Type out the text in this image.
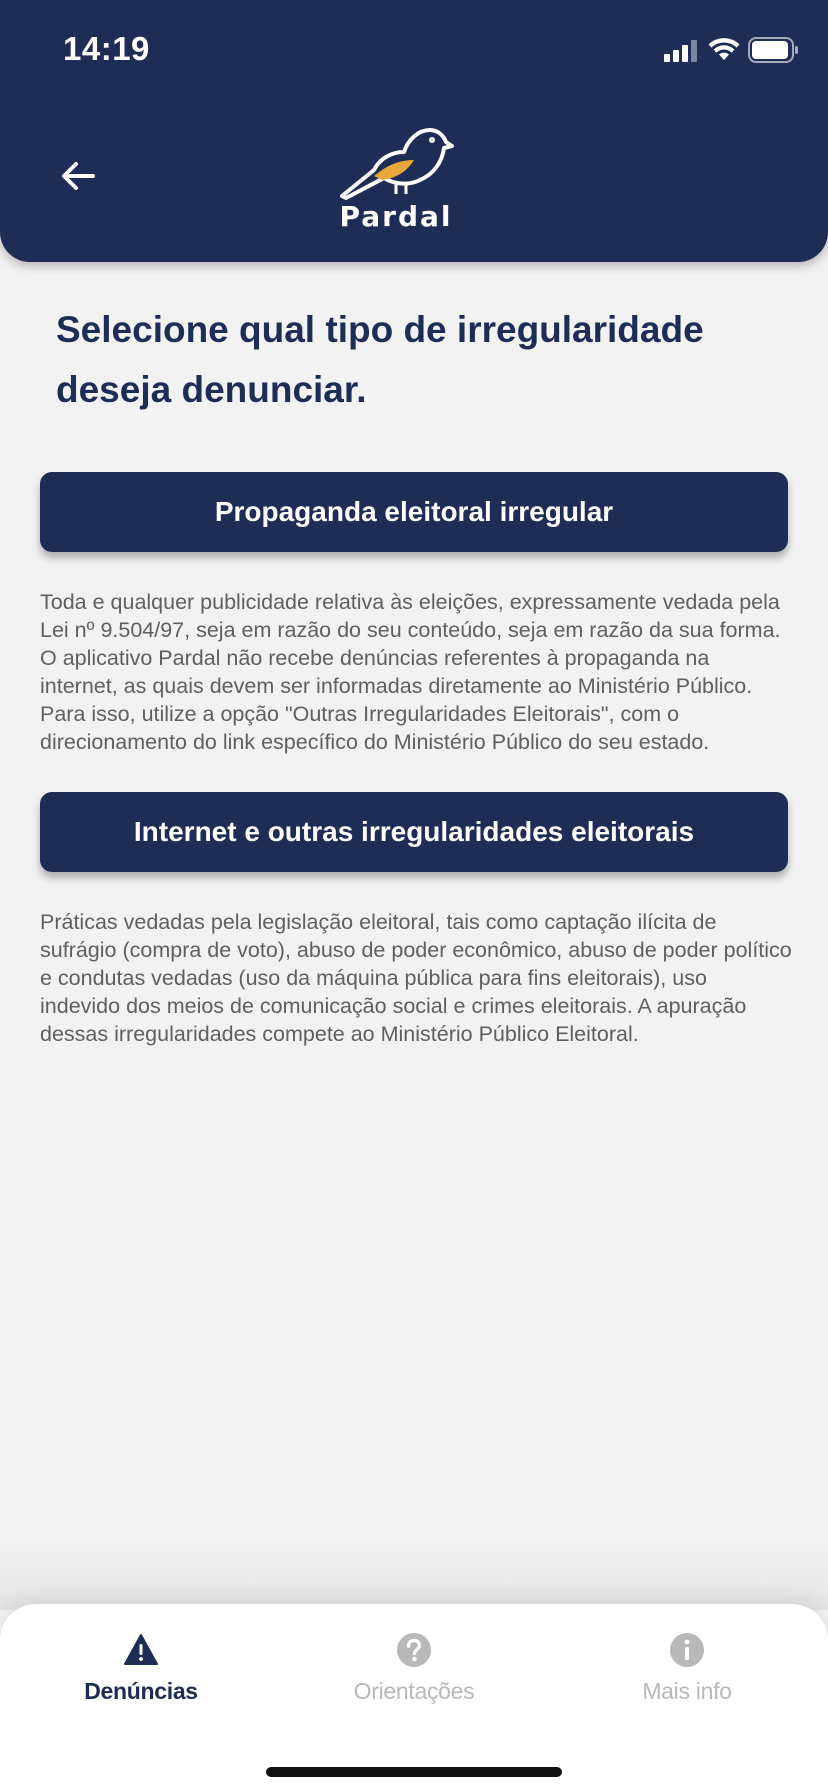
14:19
Pardal
Selecione qual tipo de irregularidade deseja denunciar.
Propaganda eleitoral irregular
Toda e qualquer publicidade relativa às eleições, expressamente vedada pela Lei nº 9.504/97, seja em razão do seu conteúdo, seja em razão da sua forma. O aplicativo Pardal não recebe denúncias referentes à propaganda na internet, as quais devem ser informadas diretamente ao Ministério Público. Para isso, utilize a opção "Outras Irregularidades Eleitorais", com o direcionamento do link específico do Ministério Público do seu estado.
Internet e outras irregularidades eleitorais
Práticas vedadas pela legislação eleitoral, tais como captação ilícita de sufrágio (compra de voto), abuso de poder econômico, abuso de poder político e condutas vedadas (uso da máquina pública para fins eleitorais), uso indevido dos meios de comunicação social e crimes eleitorais. A apuração dessas irregularidades compete ao Ministério Público Eleitoral.
Denúncias	Orientações	Mais info
